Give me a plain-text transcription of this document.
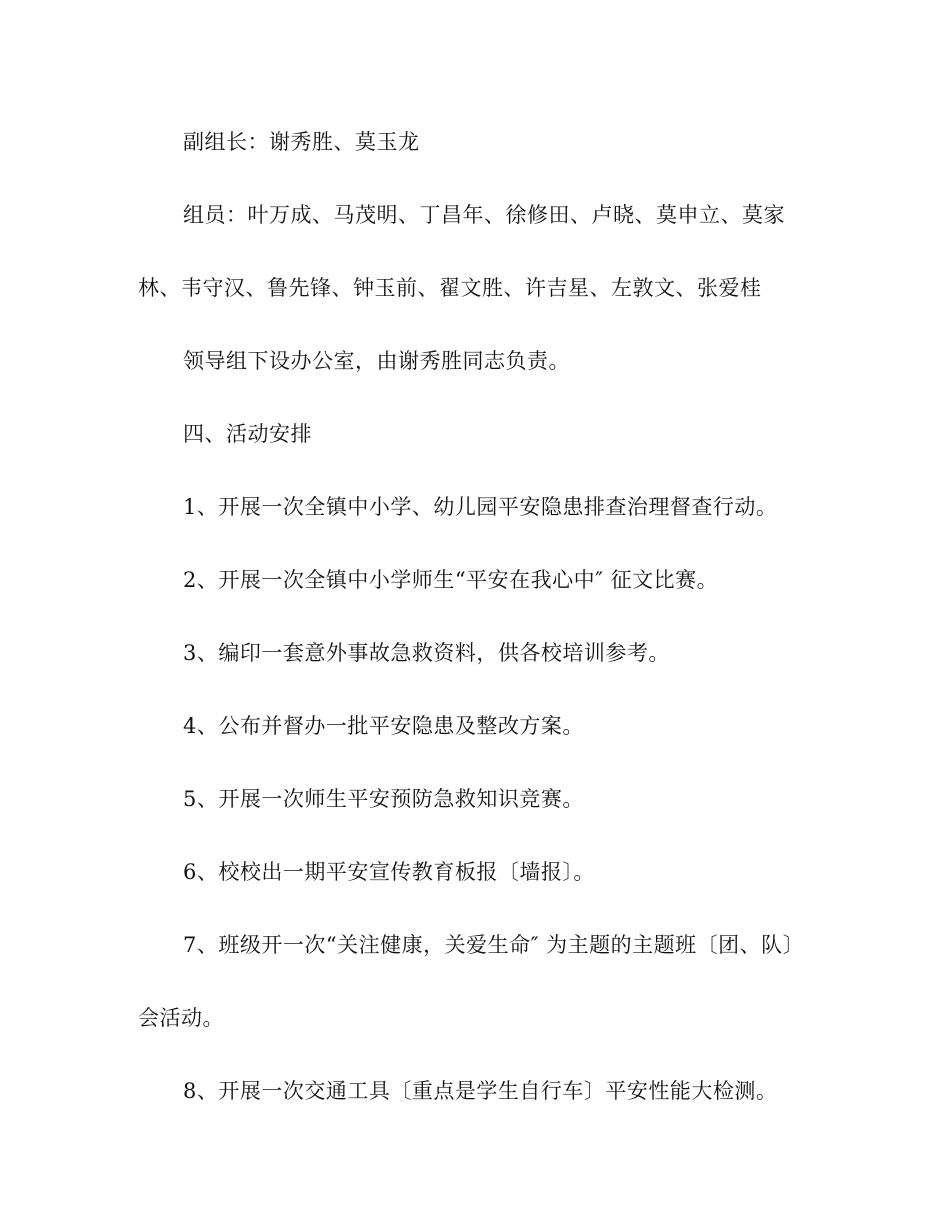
副组长：谢秀胜、莫玉龙
组员：叶万成、马茂明、丁昌年、徐修田、卢晓、莫申立、莫家
林、韦守汉、鲁先锋、钟玉前、翟文胜、许吉星、左敦文、张爱桂
领导组下设办公室，由谢秀胜同志负责。
四、活动安排
1、开展一次全镇中小学、幼儿园平安隐患排查治理督查行动。
2、开展一次全镇中小学师生“平安在我心中″ 征文比赛。
3、编印一套意外事故急救资料，供各校培训参考。
4、公布并督办一批平安隐患及整改方案。
5、开展一次师生平安预防急救知识竞赛。
6、校校出一期平安宣传教育板报〔墙报〕。
7、班级开一次“关注健康，关爱生命″ 为主题的主题班〔团、队〕
会活动。
8、开展一次交通工具〔重点是学生自行车〕平安性能大检测。
